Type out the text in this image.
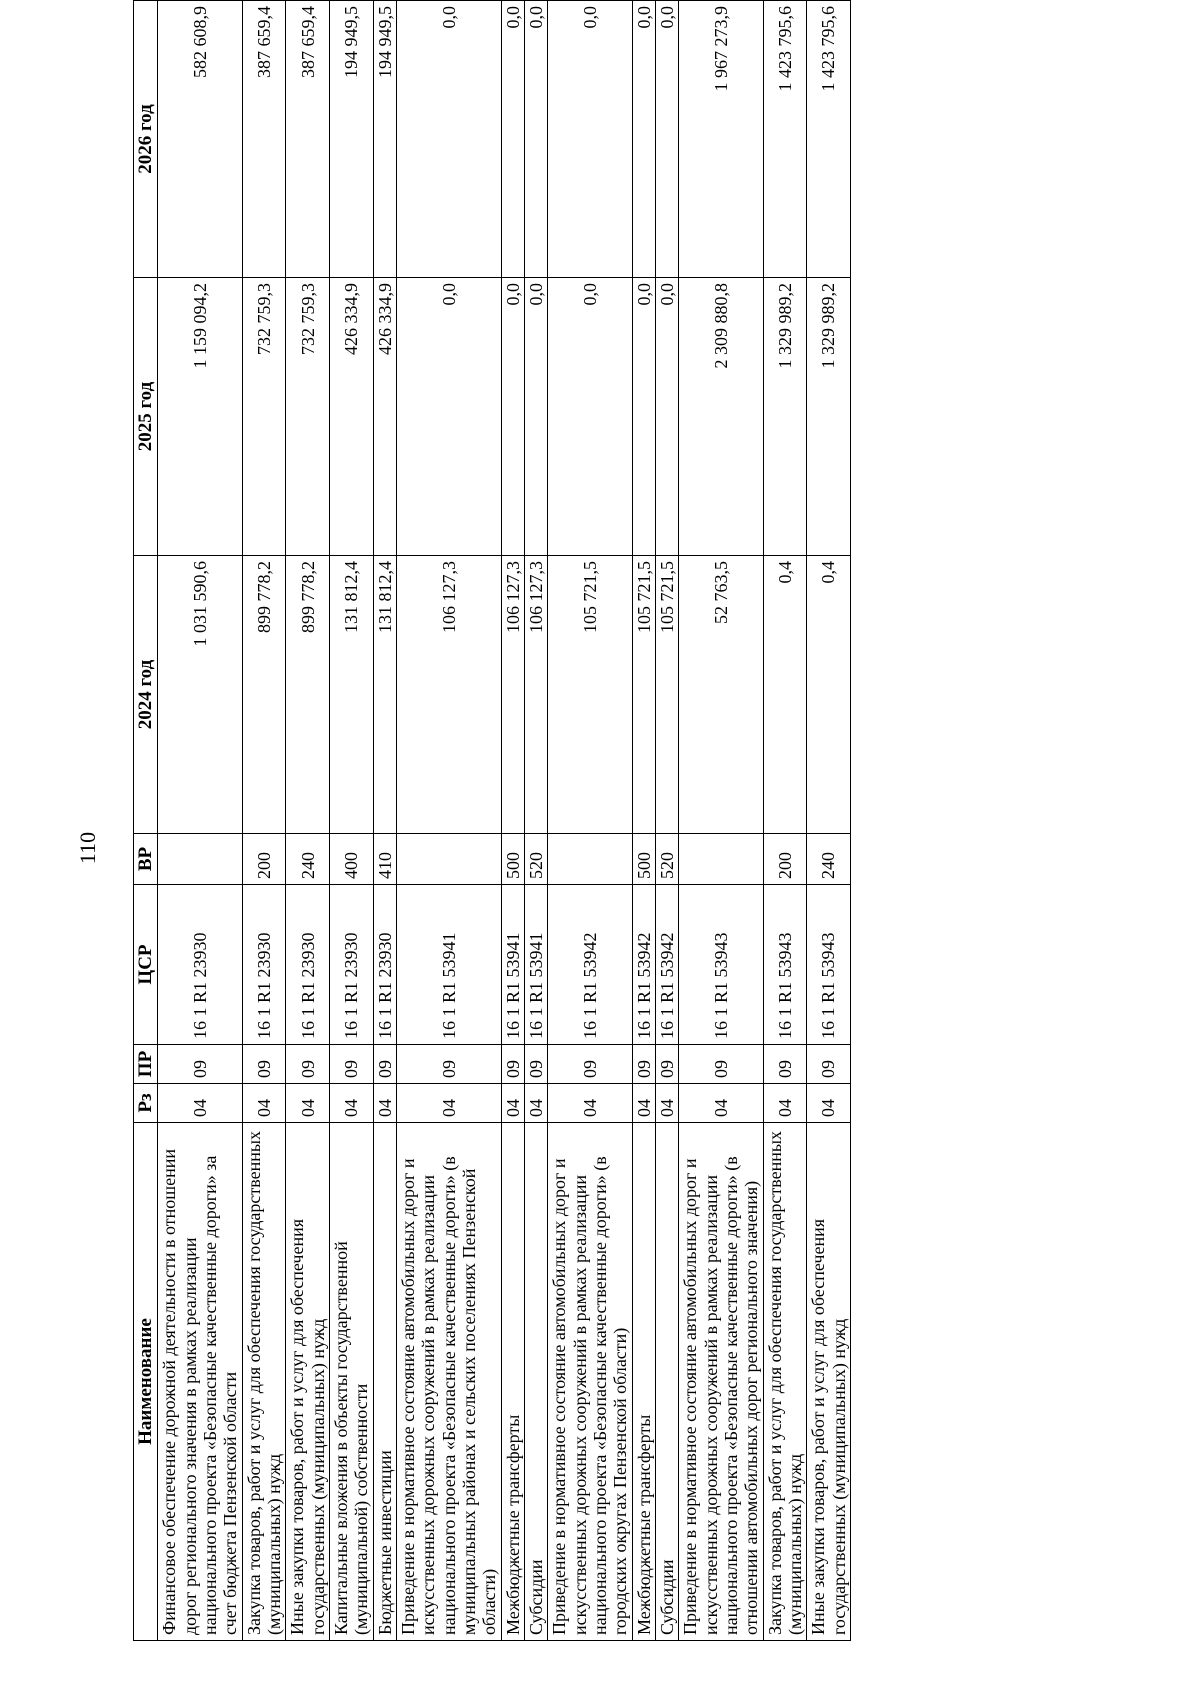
110
Наименование	Рз	ПР	ЦСР	ВР	2024 год	2025 год	2026 год
Финансовое обеспечение дорожной деятельности в отношении дорог регионального значения в рамках реализации национального проекта «Безопасные качественные дороги» за счет бюджета Пензенской области	04	09	16 1 R1 23930		1 031 590,6	1 159 094,2	582 608,9
Закупка товаров, работ и услуг для обеспечения государственных (муниципальных) нужд	04	09	16 1 R1 23930	200	899 778,2	732 759,3	387 659,4
Иные закупки товаров, работ и услуг для обеспечения государственных (муниципальных) нужд	04	09	16 1 R1 23930	240	899 778,2	732 759,3	387 659,4
Капитальные вложения в объекты государственной (муниципальной) собственности	04	09	16 1 R1 23930	400	131 812,4	426 334,9	194 949,5
Бюджетные инвестиции	04	09	16 1 R1 23930	410	131 812,4	426 334,9	194 949,5
Приведение в нормативное состояние автомобильных дорог и искусственных дорожных сооружений в рамках реализации национального проекта «Безопасные качественные дороги» (в муниципальных районах и сельских поселениях Пензенской области)	04	09	16 1 R1 53941		106 127,3	0,0	0,0
Межбюджетные трансферты	04	09	16 1 R1 53941	500	106 127,3	0,0	0,0
Субсидии	04	09	16 1 R1 53941	520	106 127,3	0,0	0,0
Приведение в нормативное состояние автомобильных дорог и искусственных дорожных сооружений в рамках реализации национального проекта «Безопасные качественные дороги» (в городских округах Пензенской области)	04	09	16 1 R1 53942		105 721,5	0,0	0,0
Межбюджетные трансферты	04	09	16 1 R1 53942	500	105 721,5	0,0	0,0
Субсидии	04	09	16 1 R1 53942	520	105 721,5	0,0	0,0
Приведение в нормативное состояние автомобильных дорог и искусственных дорожных сооружений в рамках реализации национального проекта «Безопасные качественные дороги» (в отношении автомобильных дорог регионального значения)	04	09	16 1 R1 53943		52 763,5	2 309 880,8	1 967 273,9
Закупка товаров, работ и услуг для обеспечения государственных (муниципальных) нужд	04	09	16 1 R1 53943	200	0,4	1 329 989,2	1 423 795,6
Иные закупки товаров, работ и услуг для обеспечения государственных (муниципальных) нужд	04	09	16 1 R1 53943	240	0,4	1 329 989,2	1 423 795,6
